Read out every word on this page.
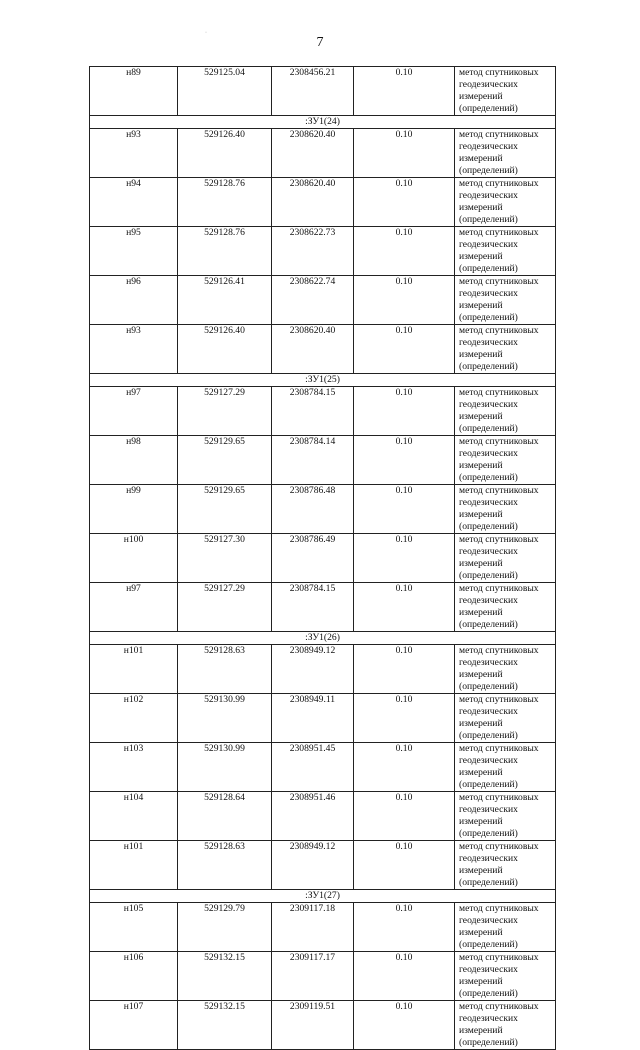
7
·
н89	529125.04	2308456.21	0.10	метод спутниковых геодезических измерений (определений)
:ЗУ1(24)				
н93	529126.40	2308620.40	0.10	метод спутниковых геодезических измерений (определений)
н94	529128.76	2308620.40	0.10	метод спутниковых геодезических измерений (определений)
н95	529128.76	2308622.73	0.10	метод спутниковых геодезических измерений (определений)
н96	529126.41	2308622.74	0.10	метод спутниковых геодезических измерений (определений)
н93	529126.40	2308620.40	0.10	метод спутниковых геодезических измерений (определений)
:ЗУ1(25)				
н97	529127.29	2308784.15	0.10	метод спутниковых геодезических измерений (определений)
н98	529129.65	2308784.14	0.10	метод спутниковых геодезических измерений (определений)
н99	529129.65	2308786.48	0.10	метод спутниковых геодезических измерений (определений)
н100	529127.30	2308786.49	0.10	метод спутниковых геодезических измерений (определений)
н97	529127.29	2308784.15	0.10	метод спутниковых геодезических измерений (определений)
:ЗУ1(26)				
н101	529128.63	2308949.12	0.10	метод спутниковых геодезических измерений (определений)
н102	529130.99	2308949.11	0.10	метод спутниковых геодезических измерений (определений)
н103	529130.99	2308951.45	0.10	метод спутниковых геодезических измерений (определений)
н104	529128.64	2308951.46	0.10	метод спутниковых геодезических измерений (определений)
н101	529128.63	2308949.12	0.10	метод спутниковых геодезических измерений (определений)
:ЗУ1(27)				
н105	529129.79	2309117.18	0.10	метод спутниковых геодезических измерений (определений)
н106	529132.15	2309117.17	0.10	метод спутниковых геодезических измерений (определений)
н107	529132.15	2309119.51	0.10	метод спутниковых геодезических измерений (определений)
